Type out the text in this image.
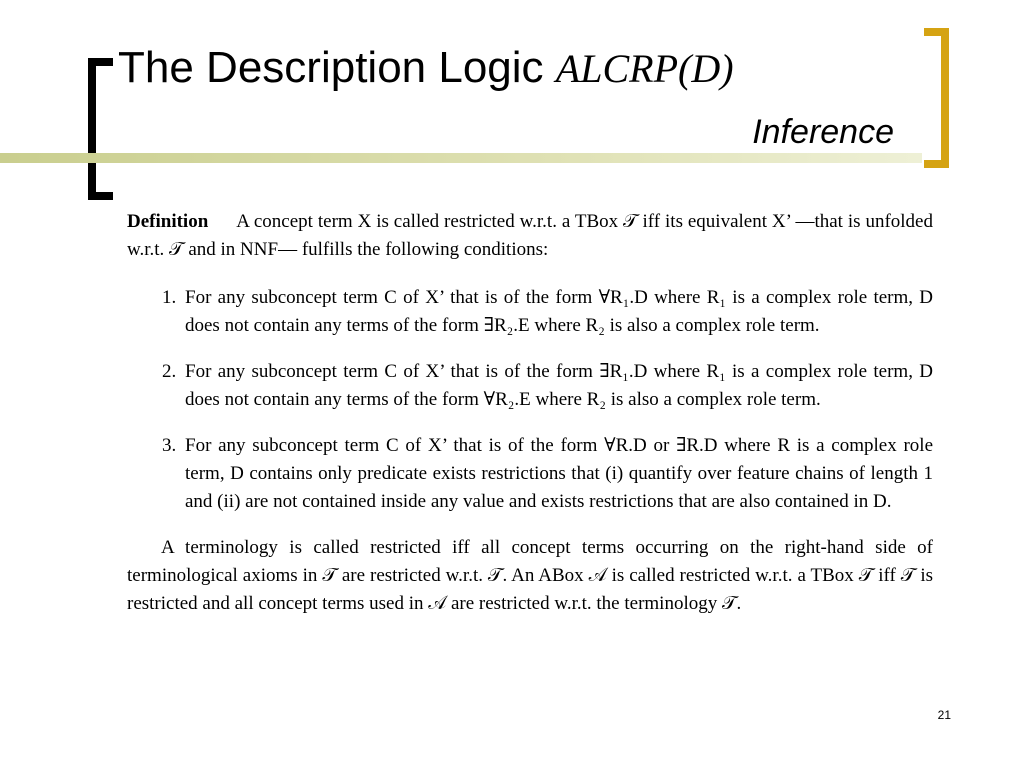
The Description Logic ALCRP(D)
Inference
Definition A concept term X is called restricted w.r.t. a TBox 𝒯 iff its equivalent X’ —that is unfolded w.r.t. 𝒯 and in NNF— fulfills the following conditions:
1. For any subconcept term C of X’ that is of the form ∀R₁.D where R₁ is a complex role term, D does not contain any terms of the form ∃R₂.E where R₂ is also a complex role term.
2. For any subconcept term C of X’ that is of the form ∃R₁.D where R₁ is a complex role term, D does not contain any terms of the form ∀R₂.E where R₂ is also a complex role term.
3. For any subconcept term C of X’ that is of the form ∀R.D or ∃R.D where R is a complex role term, D contains only predicate exists restrictions that (i) quantify over feature chains of length 1 and (ii) are not contained inside any value and exists restrictions that are also contained in D.
A terminology is called restricted iff all concept terms occurring on the right-hand side of terminological axioms in 𝒯 are restricted w.r.t. 𝒯. An ABox 𝒜 is called restricted w.r.t. a TBox 𝒯 iff 𝒯 is restricted and all concept terms used in 𝒜 are restricted w.r.t. the terminology 𝒯.
21
